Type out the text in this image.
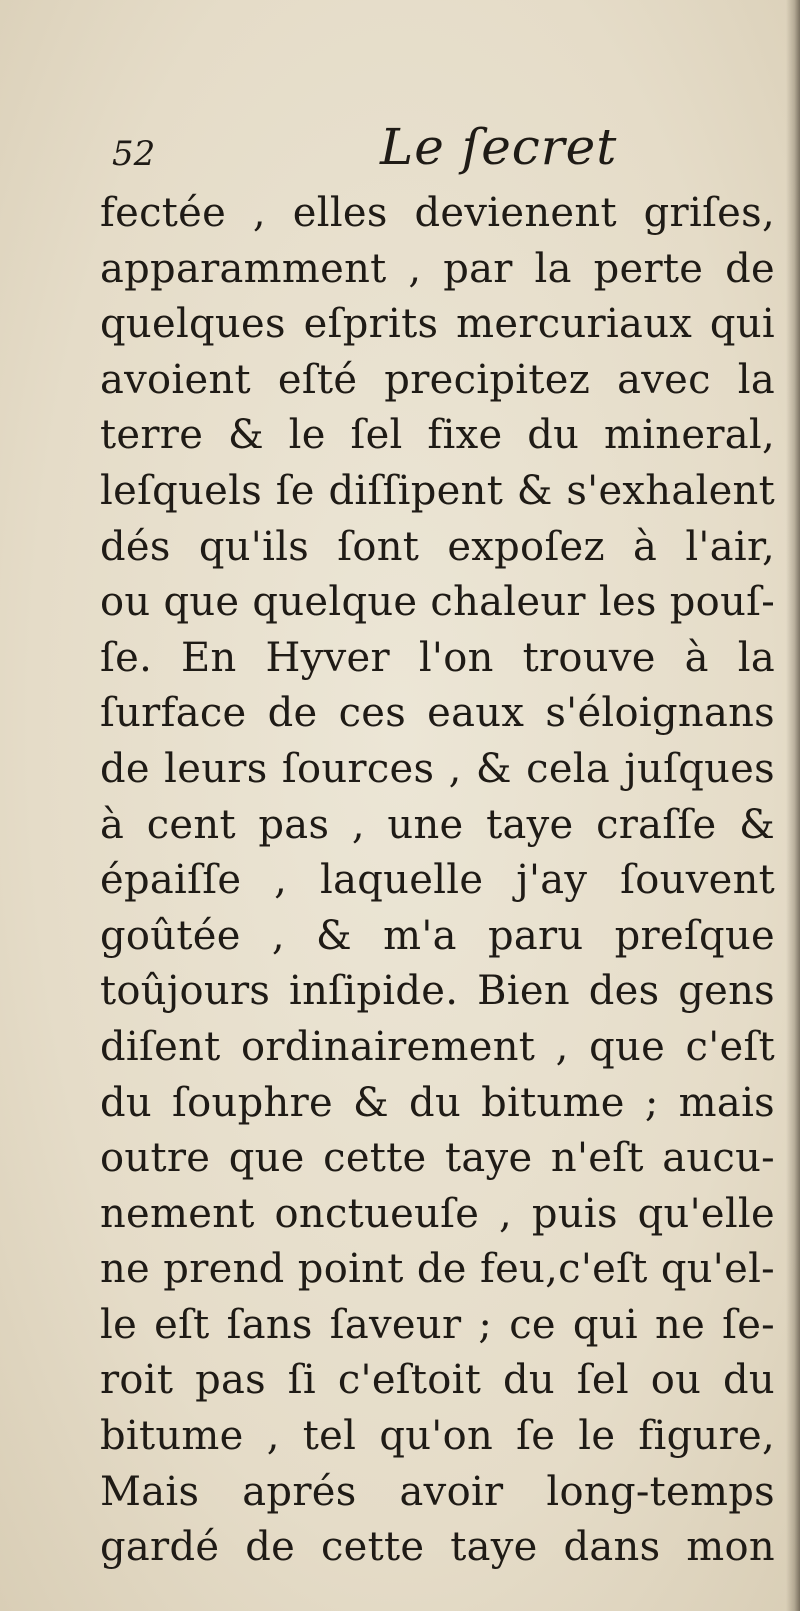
52	Le ſecret
fectée , elles devienent griſes,
apparamment , par la perte de
quelques eſprits mercuriaux qui
avoient eſté precipitez avec la
terre & le ſel fixe du mineral,
leſquels ſe diſſipent & s'exhalent
dés qu'ils ſont expoſez à l'air,
ou que quelque chaleur les pouſ-
ſe. En Hyver l'on trouve à la
ſurface de ces eaux s'éloignans
de leurs ſources , & cela juſques
à cent pas , une taye craſſe &
épaiſſe , laquelle j'ay ſouvent
goûtée , & m'a paru preſque
toûjours inſipide. Bien des gens
diſent ordinairement , que c'eſt
du ſouphre & du bitume ; mais
outre que cette taye n'eſt aucu-
nement onctueuſe , puis qu'elle
ne prend point de feu,c'eſt qu'el-
le eſt ſans ſaveur ; ce qui ne ſe-
roit pas ſi c'eſtoit du ſel ou du
bitume , tel qu'on ſe le figure,
Mais aprés avoir long-temps
gardé de cette taye dans mon
